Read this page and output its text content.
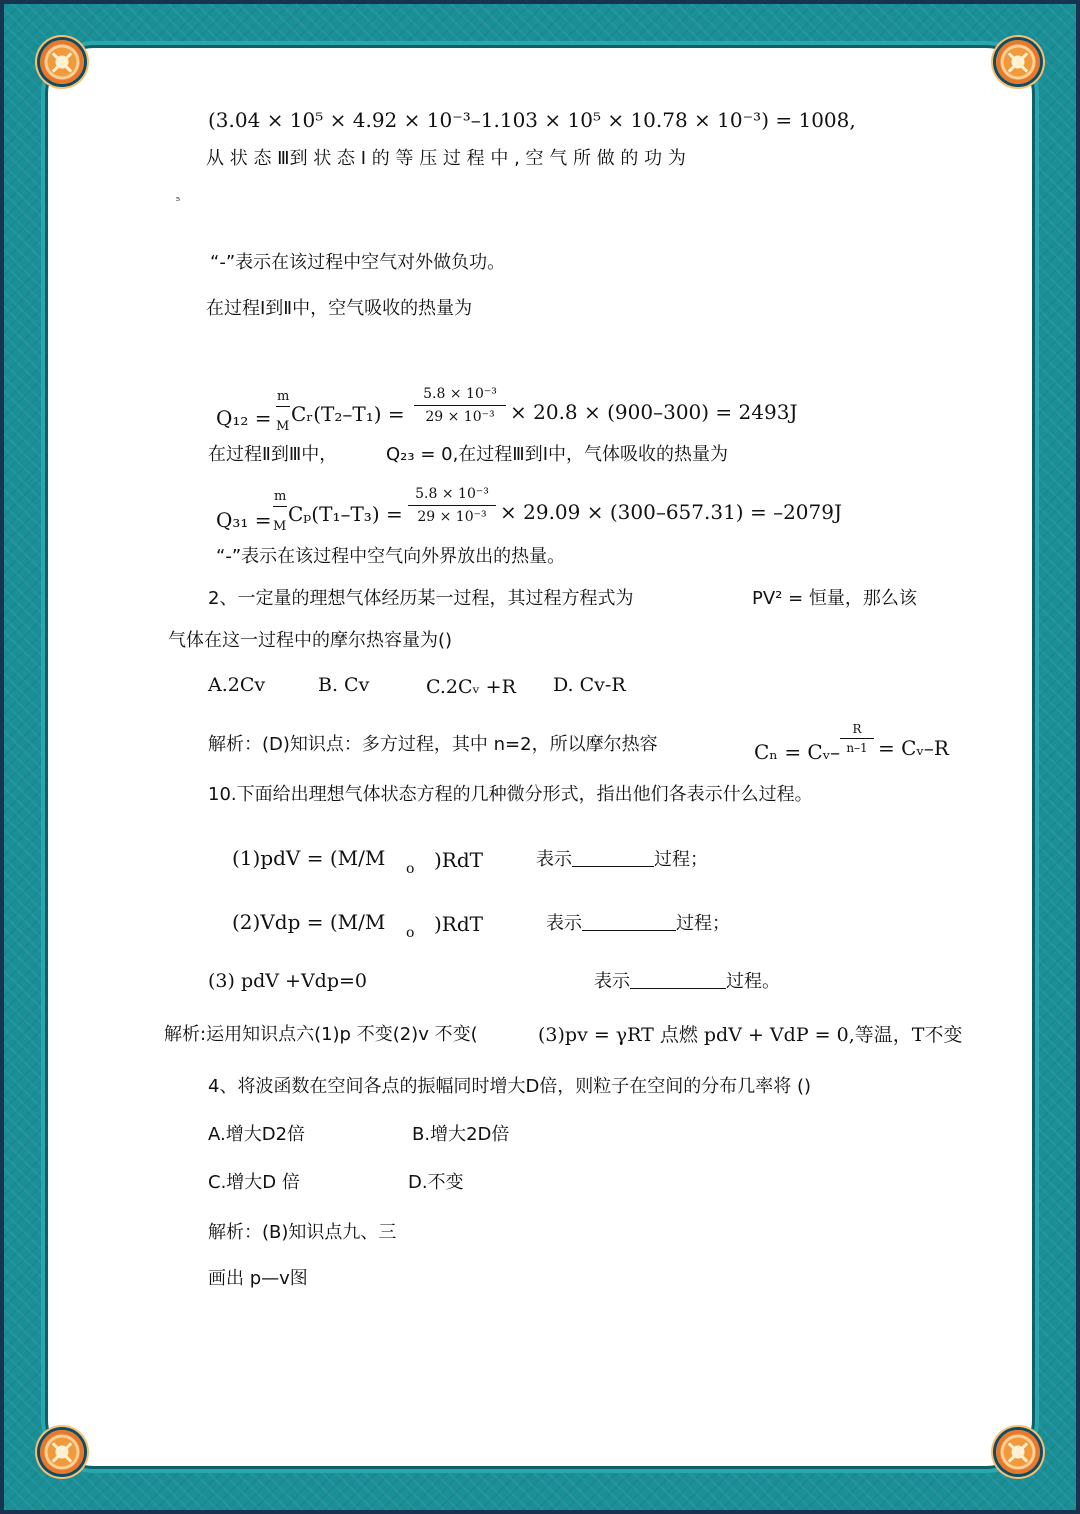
(3.04 × 10⁵ × 4.92 × 10⁻³–1.103 × 10⁵ × 10.78 × 10⁻³) = 1008,
从 状 态 Ⅲ到 状 态 Ⅰ 的 等 压 过 程 中 , 空 气 所 做 的 功 为
₅
“-”表示在该过程中空气对外做负功。
在过程Ⅰ到Ⅱ中，空气吸收的热量为
Q₁₂ =
m
M
Cᵣ(T₂–T₁) =
5.8 × 10⁻³
29 × 10⁻³ × 20.8 × (900–300) = 2493J
在过程Ⅱ到Ⅲ中，	Q₂₃ = 0,在过程Ⅲ到Ⅰ中，气体吸收的热量为
Q₃₁ =
m
M
Cₚ(T₁–T₃) =
5.8 × 10⁻³
29 × 10⁻³ × 29.09 × (300–657.31) = –2079J
“-”表示在该过程中空气向外界放出的热量。
2、一定量的理想气体经历某一过程，其过程方程式为	PV² = 恒量，那么该
气体在这一过程中的摩尔热容量为()
A.2Cv	B. Cv	C.2Cᵥ +R D. Cv-R
解析：(D)知识点：多方过程，其中 n=2，所以摩尔热容	Cₙ = Cᵥ–
R
n–1 = Cᵥ–R
10.下面给出理想气体状态方程的几种微分形式，指出他们各表示什么过程。
(1)pdV = (M/M o )RdT	表示	过程；
(2)Vdp = (M/M o )RdT	表示	过程；
(3) pdV +Vdp=0	表示	过程。
解析:运用知识点六(1)p 不变(2)v 不变(	(3)pv = γRT 点燃 pdV + VdP = 0,等温，T不变
4、将波函数在空间各点的振幅同时增大D倍，则粒子在空间的分布几率将 ()
A.增大D2倍	B.增大2D倍
C.增大D 倍	D.不变
解析：(B)知识点九、三
画出 p—v图
